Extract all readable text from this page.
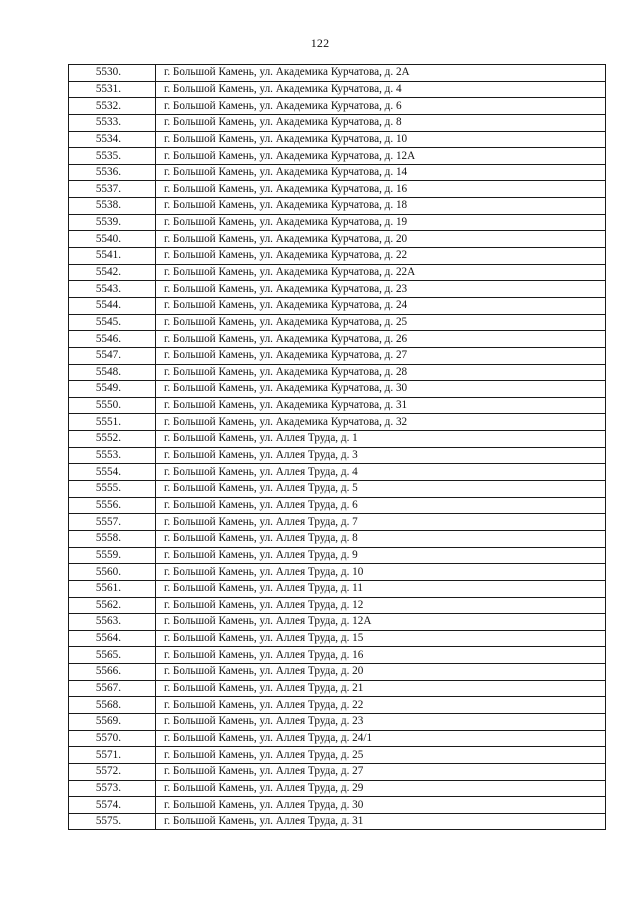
122
5530.	г. Большой Камень, ул. Академика Курчатова, д. 2А
5531.	г. Большой Камень, ул. Академика Курчатова, д. 4
5532.	г. Большой Камень, ул. Академика Курчатова, д. 6
5533.	г. Большой Камень, ул. Академика Курчатова, д. 8
5534.	г. Большой Камень, ул. Академика Курчатова, д. 10
5535.	г. Большой Камень, ул. Академика Курчатова, д. 12А
5536.	г. Большой Камень, ул. Академика Курчатова, д. 14
5537.	г. Большой Камень, ул. Академика Курчатова, д. 16
5538.	г. Большой Камень, ул. Академика Курчатова, д. 18
5539.	г. Большой Камень, ул. Академика Курчатова, д. 19
5540.	г. Большой Камень, ул. Академика Курчатова, д. 20
5541.	г. Большой Камень, ул. Академика Курчатова, д. 22
5542.	г. Большой Камень, ул. Академика Курчатова, д. 22А
5543.	г. Большой Камень, ул. Академика Курчатова, д. 23
5544.	г. Большой Камень, ул. Академика Курчатова, д. 24
5545.	г. Большой Камень, ул. Академика Курчатова, д. 25
5546.	г. Большой Камень, ул. Академика Курчатова, д. 26
5547.	г. Большой Камень, ул. Академика Курчатова, д. 27
5548.	г. Большой Камень, ул. Академика Курчатова, д. 28
5549.	г. Большой Камень, ул. Академика Курчатова, д. 30
5550.	г. Большой Камень, ул. Академика Курчатова, д. 31
5551.	г. Большой Камень, ул. Академика Курчатова, д. 32
5552.	г. Большой Камень, ул. Аллея Труда, д. 1
5553.	г. Большой Камень, ул. Аллея Труда, д. 3
5554.	г. Большой Камень, ул. Аллея Труда, д. 4
5555.	г. Большой Камень, ул. Аллея Труда, д. 5
5556.	г. Большой Камень, ул. Аллея Труда, д. 6
5557.	г. Большой Камень, ул. Аллея Труда, д. 7
5558.	г. Большой Камень, ул. Аллея Труда, д. 8
5559.	г. Большой Камень, ул. Аллея Труда, д. 9
5560.	г. Большой Камень, ул. Аллея Труда, д. 10
5561.	г. Большой Камень, ул. Аллея Труда, д. 11
5562.	г. Большой Камень, ул. Аллея Труда, д. 12
5563.	г. Большой Камень, ул. Аллея Труда, д. 12А
5564.	г. Большой Камень, ул. Аллея Труда, д. 15
5565.	г. Большой Камень, ул. Аллея Труда, д. 16
5566.	г. Большой Камень, ул. Аллея Труда, д. 20
5567.	г. Большой Камень, ул. Аллея Труда, д. 21
5568.	г. Большой Камень, ул. Аллея Труда, д. 22
5569.	г. Большой Камень, ул. Аллея Труда, д. 23
5570.	г. Большой Камень, ул. Аллея Труда, д. 24/1
5571.	г. Большой Камень, ул. Аллея Труда, д. 25
5572.	г. Большой Камень, ул. Аллея Труда, д. 27
5573.	г. Большой Камень, ул. Аллея Труда, д. 29
5574.	г. Большой Камень, ул. Аллея Труда, д. 30
5575.	г. Большой Камень, ул. Аллея Труда, д. 31
